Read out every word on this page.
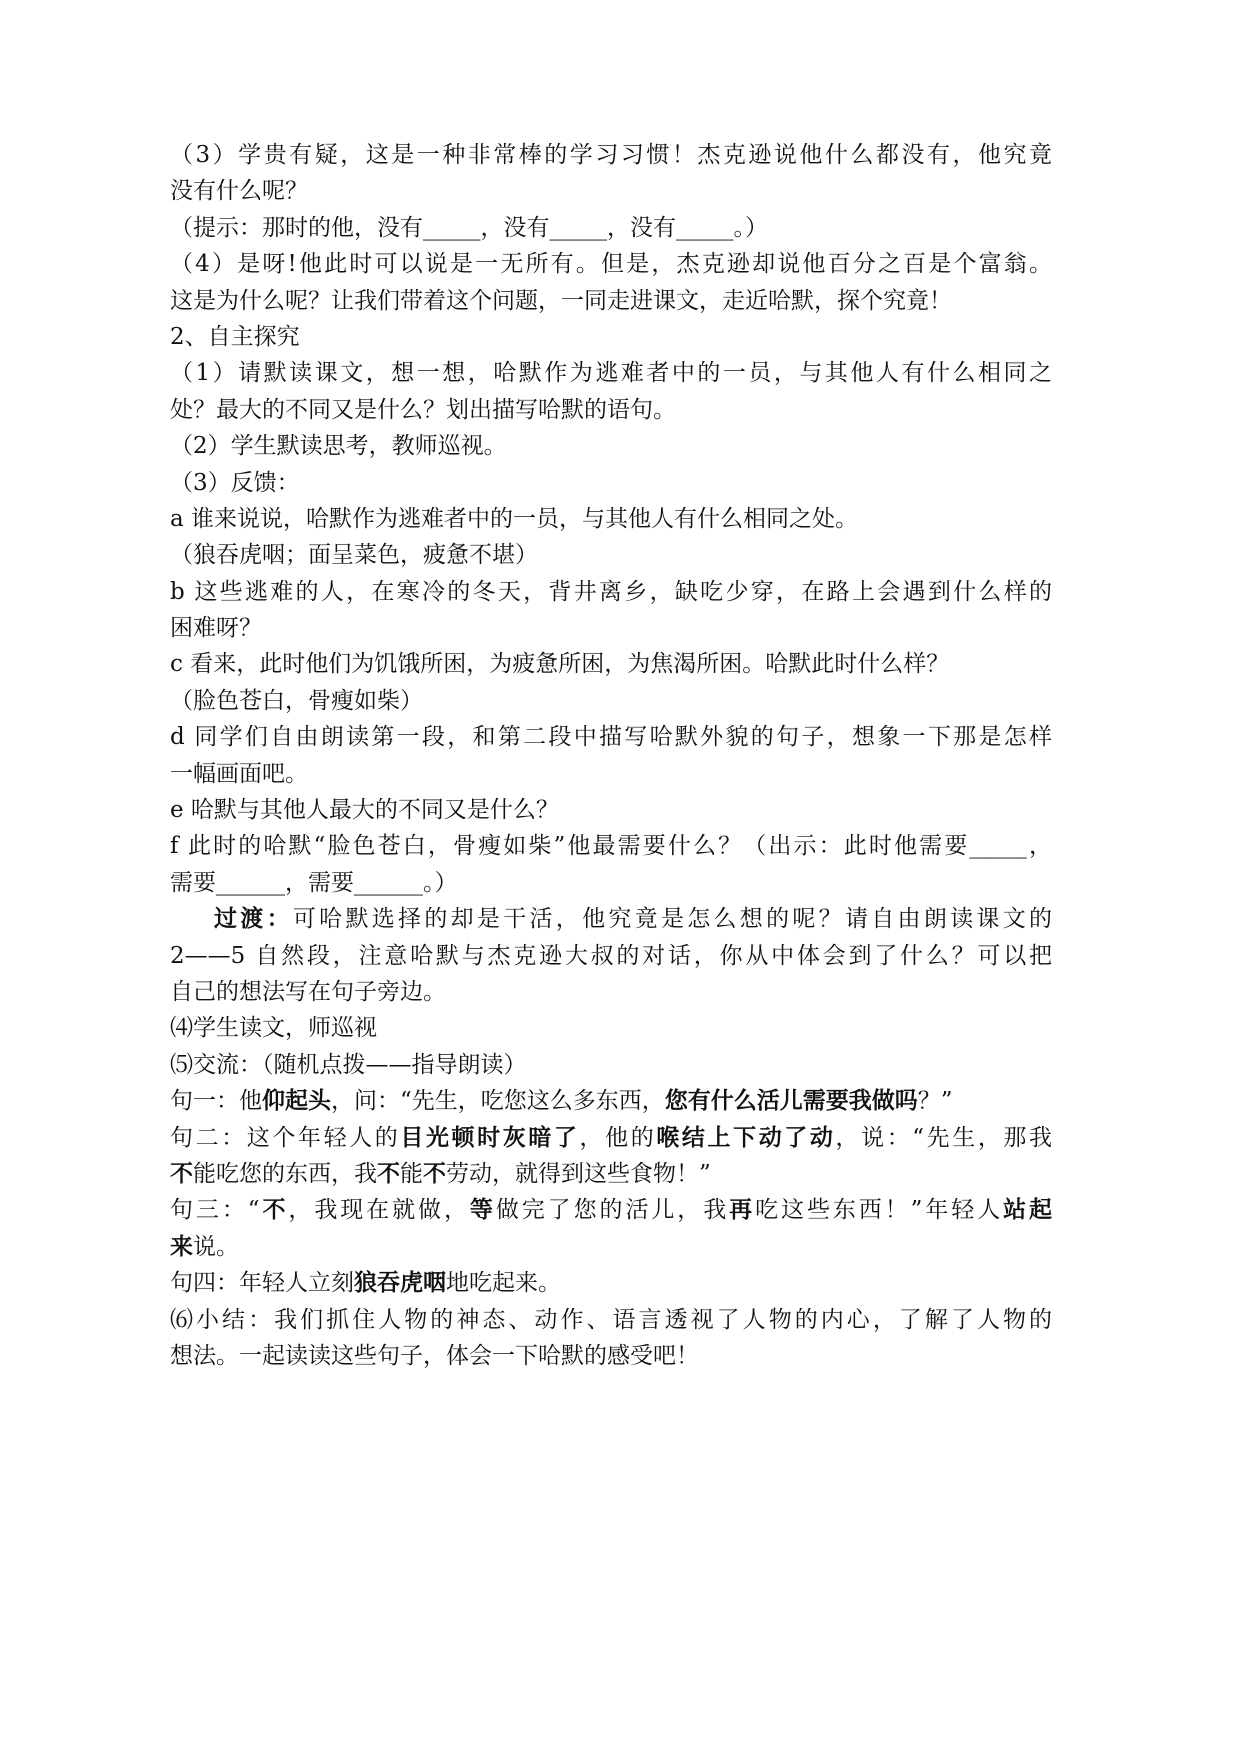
（3）学贵有疑，这是一种非常棒的学习习惯！杰克逊说他什么都没有，他究竟
没有什么呢？
（提示：那时的他，没有_____，没有_____，没有_____。）
（4）是呀!他此时可以说是一无所有。但是，杰克逊却说他百分之百是个富翁。
这是为什么呢？让我们带着这个问题，一同走进课文，走近哈默，探个究竟！
2、自主探究
（1）请默读课文，想一想，哈默作为逃难者中的一员，与其他人有什么相同之
处？最大的不同又是什么？划出描写哈默的语句。
（2）学生默读思考，教师巡视。
（3）反馈：
a 谁来说说，哈默作为逃难者中的一员，与其他人有什么相同之处。
（狼吞虎咽；面呈菜色，疲惫不堪）
b 这些逃难的人，在寒冷的冬天，背井离乡，缺吃少穿，在路上会遇到什么样的
困难呀？
c 看来，此时他们为饥饿所困，为疲惫所困，为焦渴所困。哈默此时什么样？
（脸色苍白，骨瘦如柴）
d 同学们自由朗读第一段，和第二段中描写哈默外貌的句子，想象一下那是怎样
一幅画面吧。
e 哈默与其他人最大的不同又是什么？
f 此时的哈默“脸色苍白，骨瘦如柴”他最需要什么？（出示：此时他需要_____，
需要______，需要______。）
过渡：可哈默选择的却是干活，他究竟是怎么想的呢？请自由朗读课文的
2——5 自然段，注意哈默与杰克逊大叔的对话，你从中体会到了什么？可以把
自己的想法写在句子旁边。
⑷学生读文，师巡视
⑸交流：（随机点拨——指导朗读）
句一：他仰起头，问：“先生，吃您这么多东西，您有什么活儿需要我做吗？”
句二：这个年轻人的目光顿时灰暗了，他的喉结上下动了动，说：“先生，那我
不能吃您的东西，我不能不劳动，就得到这些食物！”
句三：“不，我现在就做，等做完了您的活儿，我再吃这些东西！”年轻人站起
来说。
句四：年轻人立刻狼吞虎咽地吃起来。
⑹小结：我们抓住人物的神态、动作、语言透视了人物的内心，了解了人物的
想法。一起读读这些句子，体会一下哈默的感受吧！
